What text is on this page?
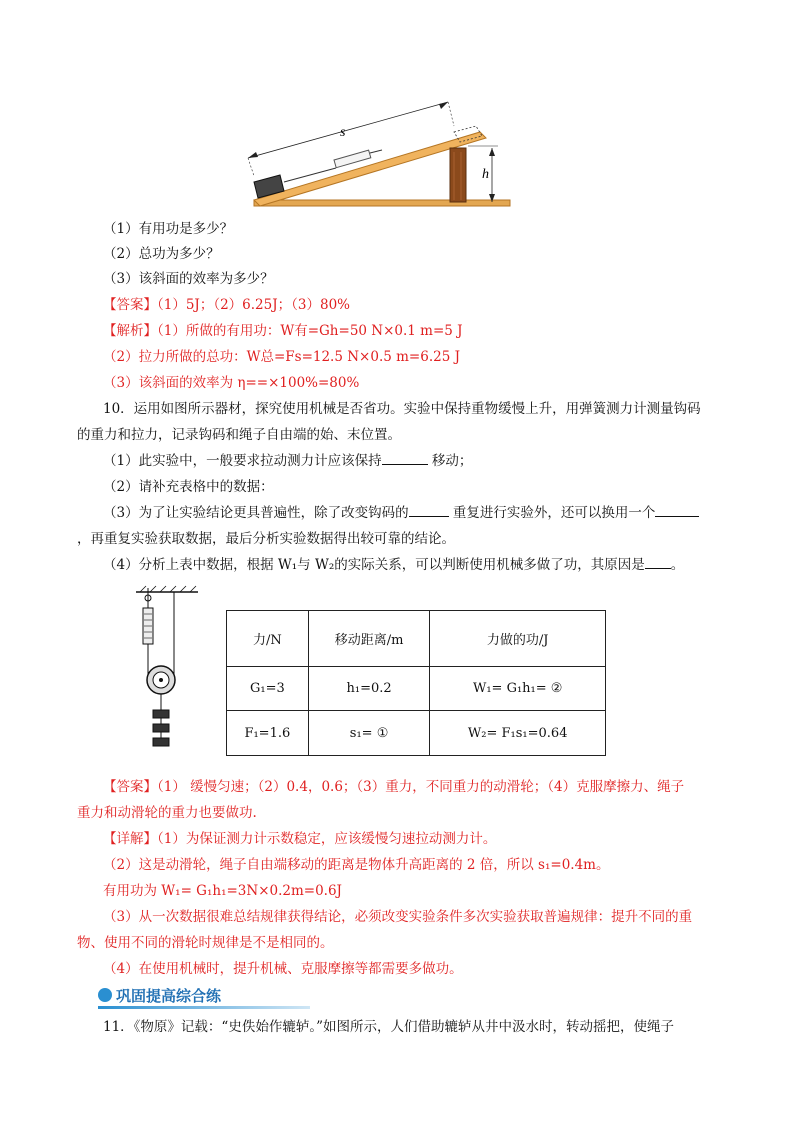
s
h
（1）有用功是多少？
（2）总功为多少？
（3）该斜面的效率为多少？
【答案】（1）5J；（2）6.25J；（3）80%
【解析】（1）所做的有用功：W有=Gh=50 N×0.1 m=5 J
（2）拉力所做的总功：W总=Fs=12.5 N×0.5 m=6.25 J
（3）该斜面的效率为 η==×100%=80%
10．运用如图所示器材，探究使用机械是否省功。实验中保持重物缓慢上升，用弹簧测力计测量钩码
的重力和拉力，记录钩码和绳子自由端的始、末位置。
（1）此实验中，一般要求拉动测力计应该保持	移动；
（2）请补充表格中的数据：
（3）为了让实验结论更具普遍性，除了改变钩码的	重复进行实验外，还可以换用一个
，再重复实验获取数据，最后分析实验数据得出较可靠的结论。
（4）分析上表中数据，根据 W₁与 W₂的实际关系，可以判断使用机械多做了功，其原因是 。
力/N	移动距离/m	力做的功/J
G₁=3	h₁=0.2	W₁= G₁h₁= ②
F₁=1.6	s₁= ①	W₂= F₁s₁=0.64
【答案】（1） 缓慢匀速；（2）0.4，0.6；（3）重力，不同重力的动滑轮；（4）克服摩擦力、绳子
重力和动滑轮的重力也要做功.
【详解】（1）为保证测力计示数稳定，应该缓慢匀速拉动测力计。
（2）这是动滑轮，绳子自由端移动的距离是物体升高距离的 2 倍，所以 s₁=0.4m。
有用功为 W₁= G₁h₁=3N×0.2m=0.6J
（3）从一次数据很难总结规律获得结论，必须改变实验条件多次实验获取普遍规律：提升不同的重
物、使用不同的滑轮时规律是不是相同的。
（4）在使用机械时，提升机械、克服摩擦等都需要多做功。
巩固提高综合练
11．《物原》记载：“史佚始作辘轳。”如图所示，人们借助辘轳从井中汲水时，转动摇把，使绳子
